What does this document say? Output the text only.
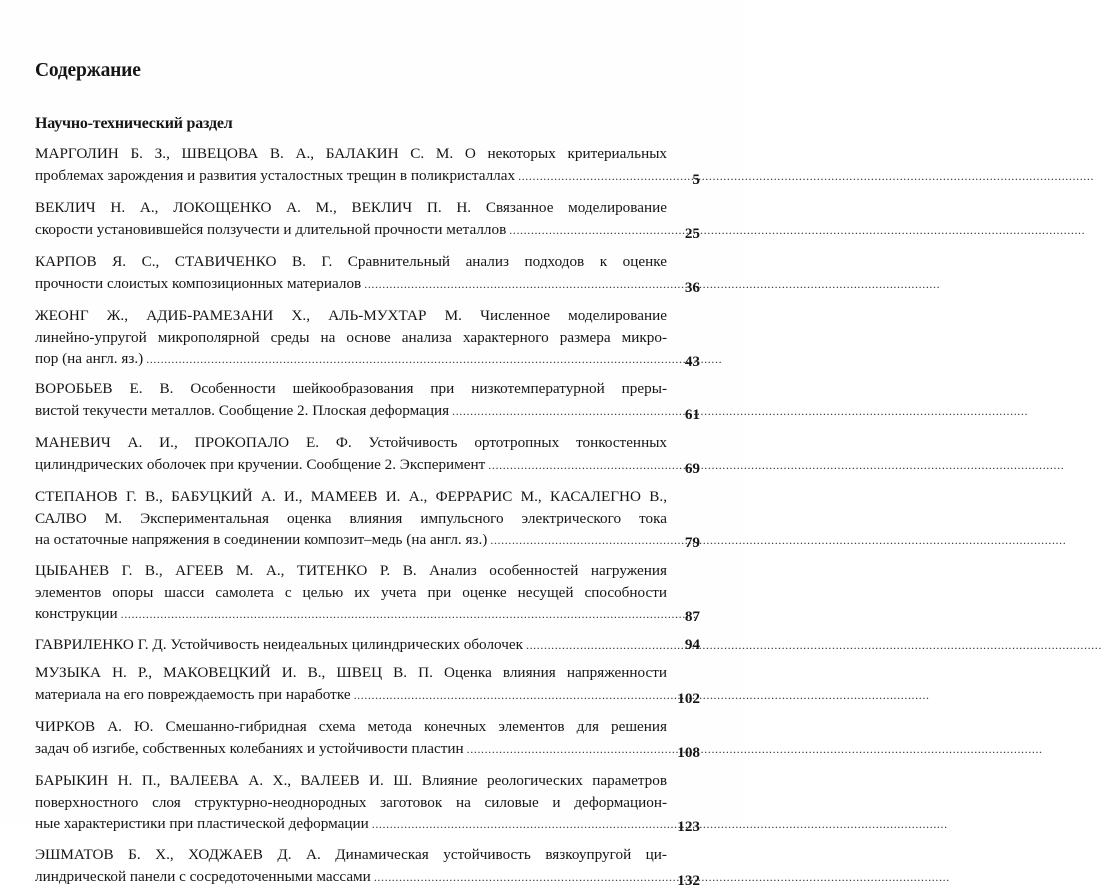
Содержание
Научно-технический раздел
МАРГОЛИН Б. З., ШВЕЦОВА В. А., БАЛАКИН С. М. О некоторых критериальных
проблемах зарождения и развития усталостных трещин в поликристаллах .....	5
ВЕКЛИЧ Н. А., ЛОКОЩЕНКО А. М., ВЕКЛИЧ П. Н. Связанное моделирование
скорости установившейся ползучести и длительной прочности металлов .....	25
КАРПОВ Я. С., СТАВИЧЕНКО В. Г. Сравнительный анализ подходов к оценке
прочности слоистых композиционных материалов .....	36
ЖЕОНГ Ж., АДИБ-РАМЕЗАНИ Х., АЛЬ-МУХТАР М. Численное моделирование
линейно-упругой микрополярной среды на основе анализа характерного размера микро-
пор (на англ. яз.) .....	43
ВОРОБЬЕВ Е. В. Особенности шейкообразования при низкотемпературной преры-
вистой текучести металлов. Сообщение 2. Плоская деформация .....	61
МАНЕВИЧ А. И., ПРОКОПАЛО Е. Ф. Устойчивость ортотропных тонкостенных
цилиндрических оболочек при кручении. Сообщение 2. Эксперимент .....	69
СТЕПАНОВ Г. В., БАБУЦКИЙ А. И., МАМЕЕВ И. А., ФЕРРАРИС М., КАСАЛЕГНО В.,
САЛВО М. Экспериментальная оценка влияния импульсного электрического тока
на остаточные напряжения в соединении композит–медь (на англ. яз.) .....	79
ЦЫБАНЕВ Г. В., АГЕЕВ М. А., ТИТЕНКО Р. В. Анализ особенностей нагружения
элементов опоры шасси самолета с целью их учета при оценке несущей способности
конструкции .....	87
ГАВРИЛЕНКО Г. Д. Устойчивость неидеальных цилиндрических оболочек .....	94
МУЗЫКА Н. Р., МАКОВЕЦКИЙ И. В., ШВЕЦ В. П. Оценка влияния напряженности
материала на его повреждаемость при наработке .....	102
ЧИРКОВ А. Ю. Смешанно-гибридная схема метода конечных элементов для решения
задач об изгибе, собственных колебаниях и устойчивости пластин .....	108
БАРЫКИН Н. П., ВАЛЕЕВА А. Х., ВАЛЕЕВ И. Ш. Влияние реологических параметров
поверхностного слоя структурно-неоднородных заготовок на силовые и деформацион-
ные характеристики при пластической деформации .....	123
ЭШМАТОВ Б. Х., ХОДЖАЕВ Д. А. Динамическая устойчивость вязкоупругой ци-
линдрической панели с сосредоточенными массами .....	132
